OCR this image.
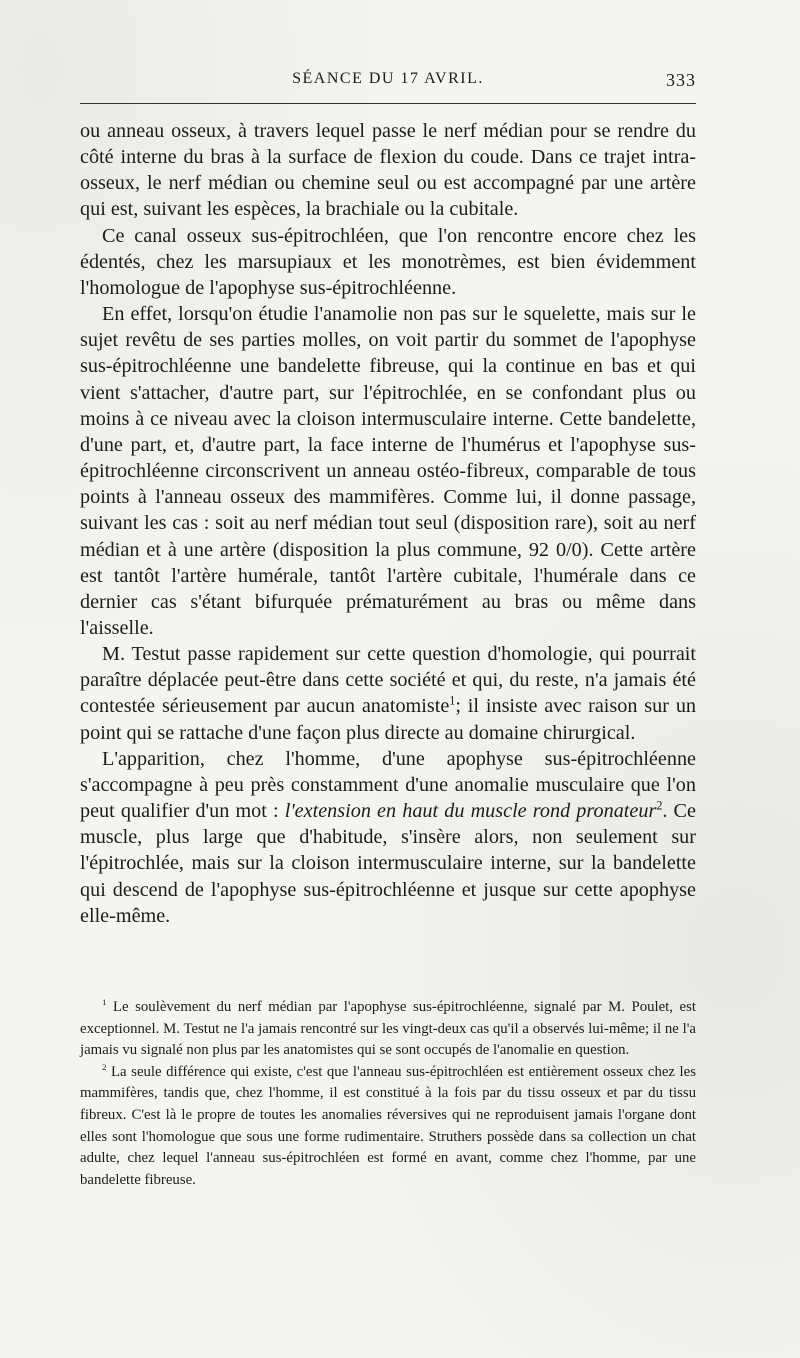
SÉANCE DU 17 AVRIL.	333

ou anneau osseux, à travers lequel passe le nerf médian pour se rendre du côté interne du bras à la surface de flexion du coude. Dans ce trajet intra-osseux, le nerf médian ou chemine seul ou est accompagné par une artère qui est, suivant les espèces, la brachiale ou la cubitale.

Ce canal osseux sus-épitrochléen, que l'on rencontre encore chez les édentés, chez les marsupiaux et les monotrèmes, est bien évidemment l'homologue de l'apophyse sus-épitrochléenne.

En effet, lorsqu'on étudie l'anamolie non pas sur le squelette, mais sur le sujet revêtu de ses parties molles, on voit partir du sommet de l'apophyse sus-épitrochléenne une bandelette fibreuse, qui la continue en bas et qui vient s'attacher, d'autre part, sur l'épitrochlée, en se confondant plus ou moins à ce niveau avec la cloison intermusculaire interne. Cette bandelette, d'une part, et, d'autre part, la face interne de l'humérus et l'apophyse sus-épitrochléenne circonscrivent un anneau ostéo-fibreux, comparable de tous points à l'anneau osseux des mammifères. Comme lui, il donne passage, suivant les cas : soit au nerf médian tout seul (disposition rare), soit au nerf médian et à une artère (disposition la plus commune, 92 0/0). Cette artère est tantôt l'artère humérale, tantôt l'artère cubitale, l'humérale dans ce dernier cas s'étant bifurquée prématurément au bras ou même dans l'aisselle.

M. Testut passe rapidement sur cette question d'homologie, qui pourrait paraître déplacée peut-être dans cette société et qui, du reste, n'a jamais été contestée sérieusement par aucun anatomiste$^1$; il insiste avec raison sur un point qui se rattache d'une façon plus directe au domaine chirurgical.

L'apparition, chez l'homme, d'une apophyse sus-épitrochléenne s'accompagne à peu près constamment d'une anomalie musculaire que l'on peut qualifier d'un mot : l'extension en haut du muscle rond pronateur$^2$. Ce muscle, plus large que d'habitude, s'insère alors, non seulement sur l'épitrochlée, mais sur la cloison intermusculaire interne, sur la bandelette qui descend de l'apophyse sus-épitrochléenne et jusque sur cette apophyse elle-même.

$^1$ Le soulèvement du nerf médian par l'apophyse sus-épitrochléenne, signalé par M. Poulet, est exceptionnel. M. Testut ne l'a jamais rencontré sur les vingt-deux cas qu'il a observés lui-même; il ne l'a jamais vu signalé non plus par les anatomistes qui se sont occupés de l'anomalie en question.

$^2$ La seule différence qui existe, c'est que l'anneau sus-épitrochléen est entièrement osseux chez les mammifères, tandis que, chez l'homme, il est constitué à la fois par du tissu osseux et par du tissu fibreux. C'est là le propre de toutes les anomalies réversives qui ne reproduisent jamais l'organe dont elles sont l'homologue que sous une forme rudimentaire. Struthers possède dans sa collection un chat adulte, chez lequel l'anneau sus-épitrochléen est formé en avant, comme chez l'homme, par une bandelette fibreuse.
